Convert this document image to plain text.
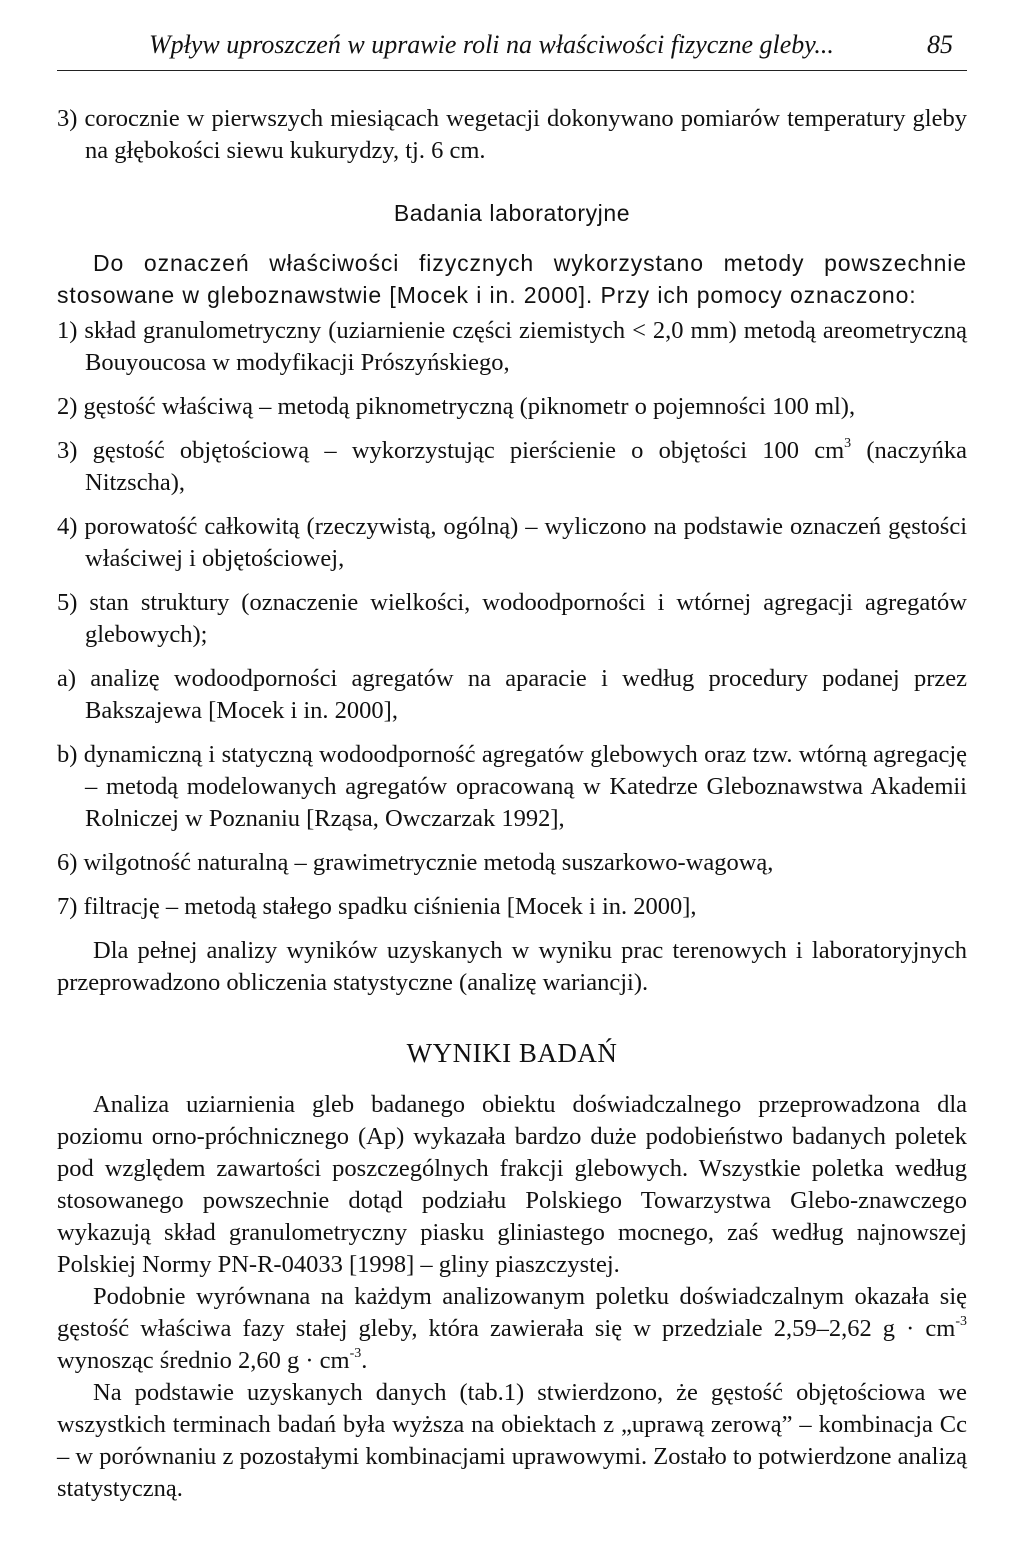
Wpływ uproszczeń w uprawie roli na właściwości fizyczne gleby...	85

3) corocznie w pierwszych miesiącach wegetacji dokonywano pomiarów temperatury gleby na głębokości siewu kukurydzy, tj. 6 cm.

Badania laboratoryjne

Do oznaczeń właściwości fizycznych wykorzystano metody powszechnie stosowane w gleboznawstwie [Mocek i in. 2000]. Przy ich pomocy oznaczono:

1) skład granulometryczny (uziarnienie części ziemistych < 2,0 mm) metodą areometryczną Bouyoucosa w modyfikacji Prószyńskiego,

2) gęstość właściwą – metodą piknometryczną (piknometr o pojemności 100 ml),

3) gęstość objętościową – wykorzystując pierścienie o objętości 100 $cm^3$ (naczyńka Nitzscha),

4) porowatość całkowitą (rzeczywistą, ogólną) – wyliczono na podstawie oznaczeń gęstości właściwej i objętościowej,

5) stan struktury (oznaczenie wielkości, wodoodporności i wtórnej agregacji agregatów glebowych);

a) analizę wodoodporności agregatów na aparacie i według procedury podanej przez Bakszajewa [Mocek i in. 2000],

b) dynamiczną i statyczną wodoodporność agregatów glebowych oraz tzw. wtórną agregację – metodą modelowanych agregatów opracowaną w Katedrze Gleboznawstwa Akademii Rolniczej w Poznaniu [Rząsa, Owczarzak 1992],

6) wilgotność naturalną – grawimetrycznie metodą suszarkowo-wagową,

7) filtrację – metodą stałego spadku ciśnienia [Mocek i in. 2000],

Dla pełnej analizy wyników uzyskanych w wyniku prac terenowych i laboratoryjnych przeprowadzono obliczenia statystyczne (analizę wariancji).

WYNIKI BADAŃ

Analiza uziarnienia gleb badanego obiektu doświadczalnego przeprowadzona dla poziomu orno-próchnicznego (Ap) wykazała bardzo duże podobieństwo badanych poletek pod względem zawartości poszczególnych frakcji glebowych. Wszystkie poletka według stosowanego powszechnie dotąd podziału Polskiego Towarzystwa Glebo-znawczego wykazują skład granulometryczny piasku gliniastego mocnego, zaś według najnowszej Polskiej Normy PN-R-04033 [1998] – gliny piaszczystej.

Podobnie wyrównana na każdym analizowanym poletku doświadczalnym okazała się gęstość właściwa fazy stałej gleby, która zawierała się w przedziale 2,59–2,62 $g \cdot cm^{-3}$ wynosząc średnio 2,60 $g \cdot cm^{-3}$.

Na podstawie uzyskanych danych (tab.1) stwierdzono, że gęstość objętościowa we wszystkich terminach badań była wyższa na obiektach z „uprawą zerową” – kombinacja Cc – w porównaniu z pozostałymi kombinacjami uprawowymi. Zostało to potwierdzone analizą statystyczną.
